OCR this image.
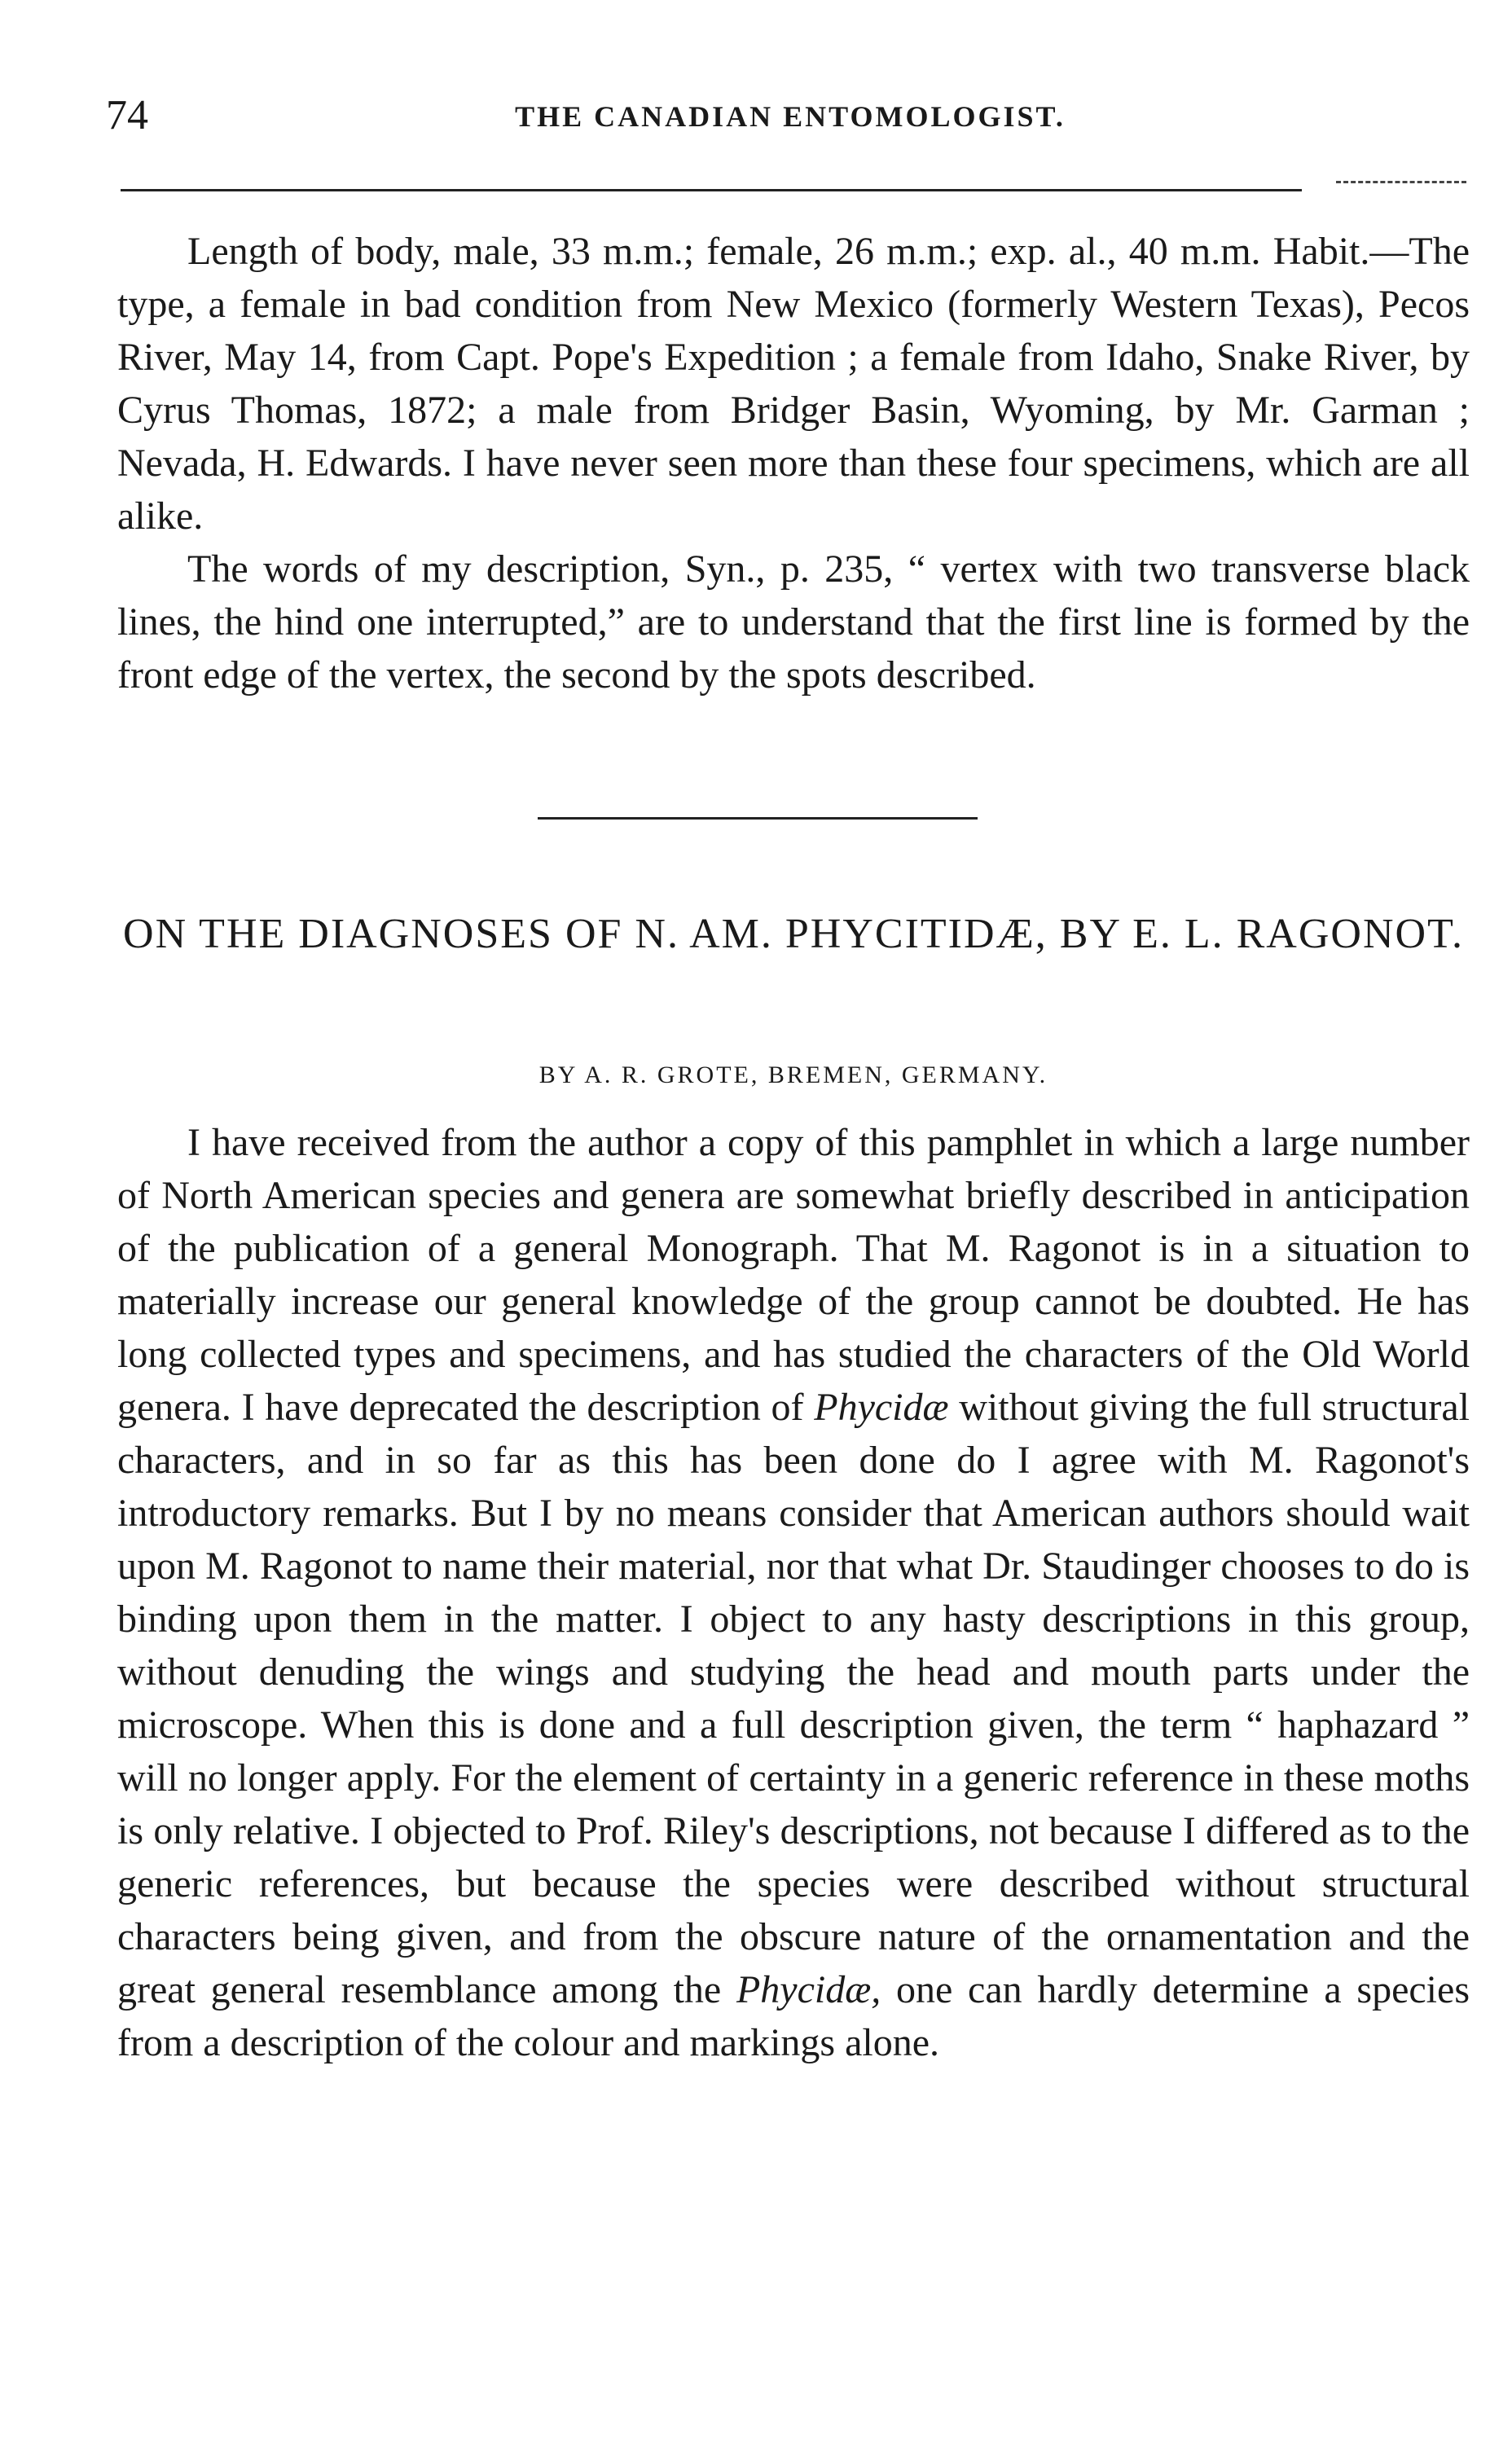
74	THE CANADIAN ENTOMOLOGIST.

Length of body, male, 33 m.m.; female, 26 m.m.; exp. al., 40 m.m. Habit.—The type, a female in bad condition from New Mexico (formerly Western Texas), Pecos River, May 14, from Capt. Pope's Expedition ; a female from Idaho, Snake River, by Cyrus Thomas, 1872; a male from Bridger Basin, Wyoming, by Mr. Garman ; Nevada, H. Edwards. I have never seen more than these four specimens, which are all alike.

The words of my description, Syn., p. 235, “ vertex with two transverse black lines, the hind one interrupted,” are to understand that the first line is formed by the front edge of the vertex, the second by the spots described.

ON THE DIAGNOSES OF N. AM. PHYCITIDÆ, BY E. L. RAGONOT.
BY A. R. GROTE, BREMEN, GERMANY.

I have received from the author a copy of this pamphlet in which a large number of North American species and genera are somewhat briefly described in anticipation of the publication of a general Monograph. That M. Ragonot is in a situation to materially increase our general knowledge of the group cannot be doubted. He has long collected types and specimens, and has studied the characters of the Old World genera. I have deprecated the description of Phycidæ without giving the full structural characters, and in so far as this has been done do I agree with M. Ragonot's introductory remarks. But I by no means consider that American authors should wait upon M. Ragonot to name their material, nor that what Dr. Staudinger chooses to do is binding upon them in the matter. I object to any hasty descriptions in this group, without denuding the wings and studying the head and mouth parts under the microscope. When this is done and a full description given, the term “ haphazard ” will no longer apply. For the element of certainty in a generic reference in these moths is only relative. I objected to Prof. Riley's descriptions, not because I differed as to the generic references, but because the species were described without structural characters being given, and from the obscure nature of the ornamentation and the great general resemblance among the Phycidæ, one can hardly determine a species from a description of the colour and markings alone.
